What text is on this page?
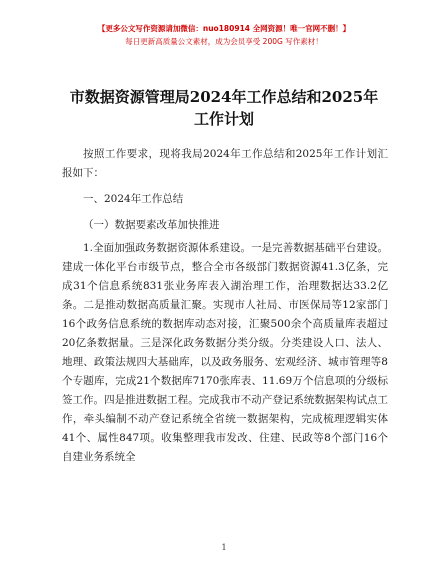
【更多公文写作资源请加微信：nuo180914 全网资源！唯一官网不删！】
每日更新高质量公文素材，成为会员享受 200G 写作素材！
市数据资源管理局2024年工作总结和2025年
工作计划

按照工作要求，现将我局2024年工作总结和2025年工作计划汇报如下：

一、2024年工作总结

（一）数据要素改革加快推进

1.全面加强政务数据资源体系建设。一是完善数据基础平台建设。建成一体化平台市级节点，整合全市各级部门数据资源41.3亿条，完成31个信息系统831张业务库表入湖治理工作，治理数据达33.2亿条。二是推动数据高质量汇聚。实现市人社局、市医保局等12家部门16个政务信息系统的数据库动态对接，汇聚500余个高质量库表超过20亿条数据量。三是深化政务数据分类分级。分类建设人口、法人、地理、政策法规四大基础库，以及政务服务、宏观经济、城市管理等8个专题库，完成21个数据库7170张库表、11.69万个信息项的分级标签工作。四是推进数据工程。完成我市不动产登记系统数据架构试点工作，牵头编制不动产登记系统全省统一数据架构，完成梳理逻辑实体41个、属性847项。收集整理我市发改、住建、民政等8个部门16个自建业务系统全

1
